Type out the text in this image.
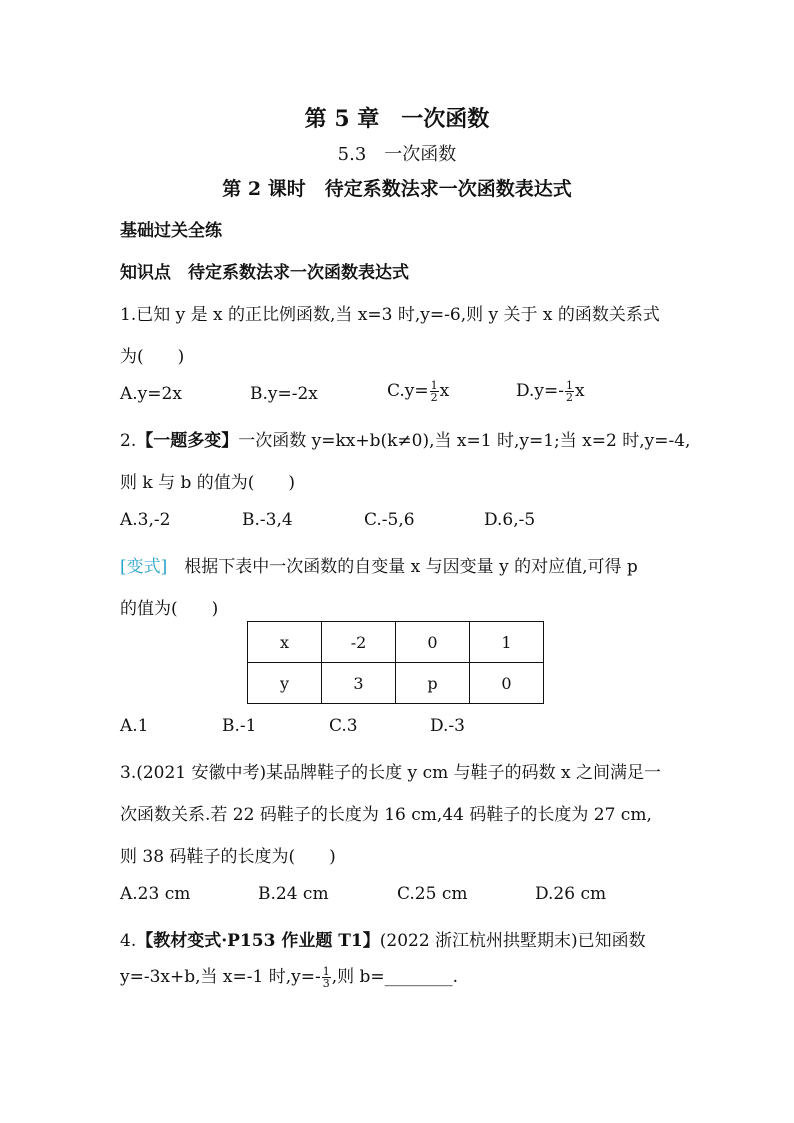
第 5 章　一次函数
5.3　一次函数
第 2 课时　待定系数法求一次函数表达式
基础过关全练
知识点　待定系数法求一次函数表达式
1.已知 y 是 x 的正比例函数,当 x=3 时,y=-6,则 y 关于 x 的函数关系式
为(　　)
A.y=2x	B.y=-2x	$C.y= \frac{1}{2}$ x	$D.y=- \frac{1}{2}$ x
2.【一题多变】一次函数 y=kx+b(k≠0),当 x=1 时,y=1;当 x=2 时,y=-4,
则 k 与 b 的值为(　　)
A.3,-2	B.-3,4	C.-5,6	D.6,-5
[变式]　根据下表中一次函数的自变量 x 与因变量 y 的对应值,可得 p
的值为(　　)
x	-2	0	1
y	3	p	0
A.1	B.-1	C.3	D.-3
3.(2021 安徽中考)某品牌鞋子的长度 y cm 与鞋子的码数 x 之间满足一
次函数关系.若 22 码鞋子的长度为 16 cm,44 码鞋子的长度为 27 cm,
则 38 码鞋子的长度为(　　)
A.23 cm	B.24 cm	C.25 cm	D.26 cm
4.【教材变式·P153 作业题 T1】(2022 浙江杭州拱墅期末)已知函数
y=-3x+b,当 x=-1 时$,y=- \frac{1}{3}$ ,则 b=________.
